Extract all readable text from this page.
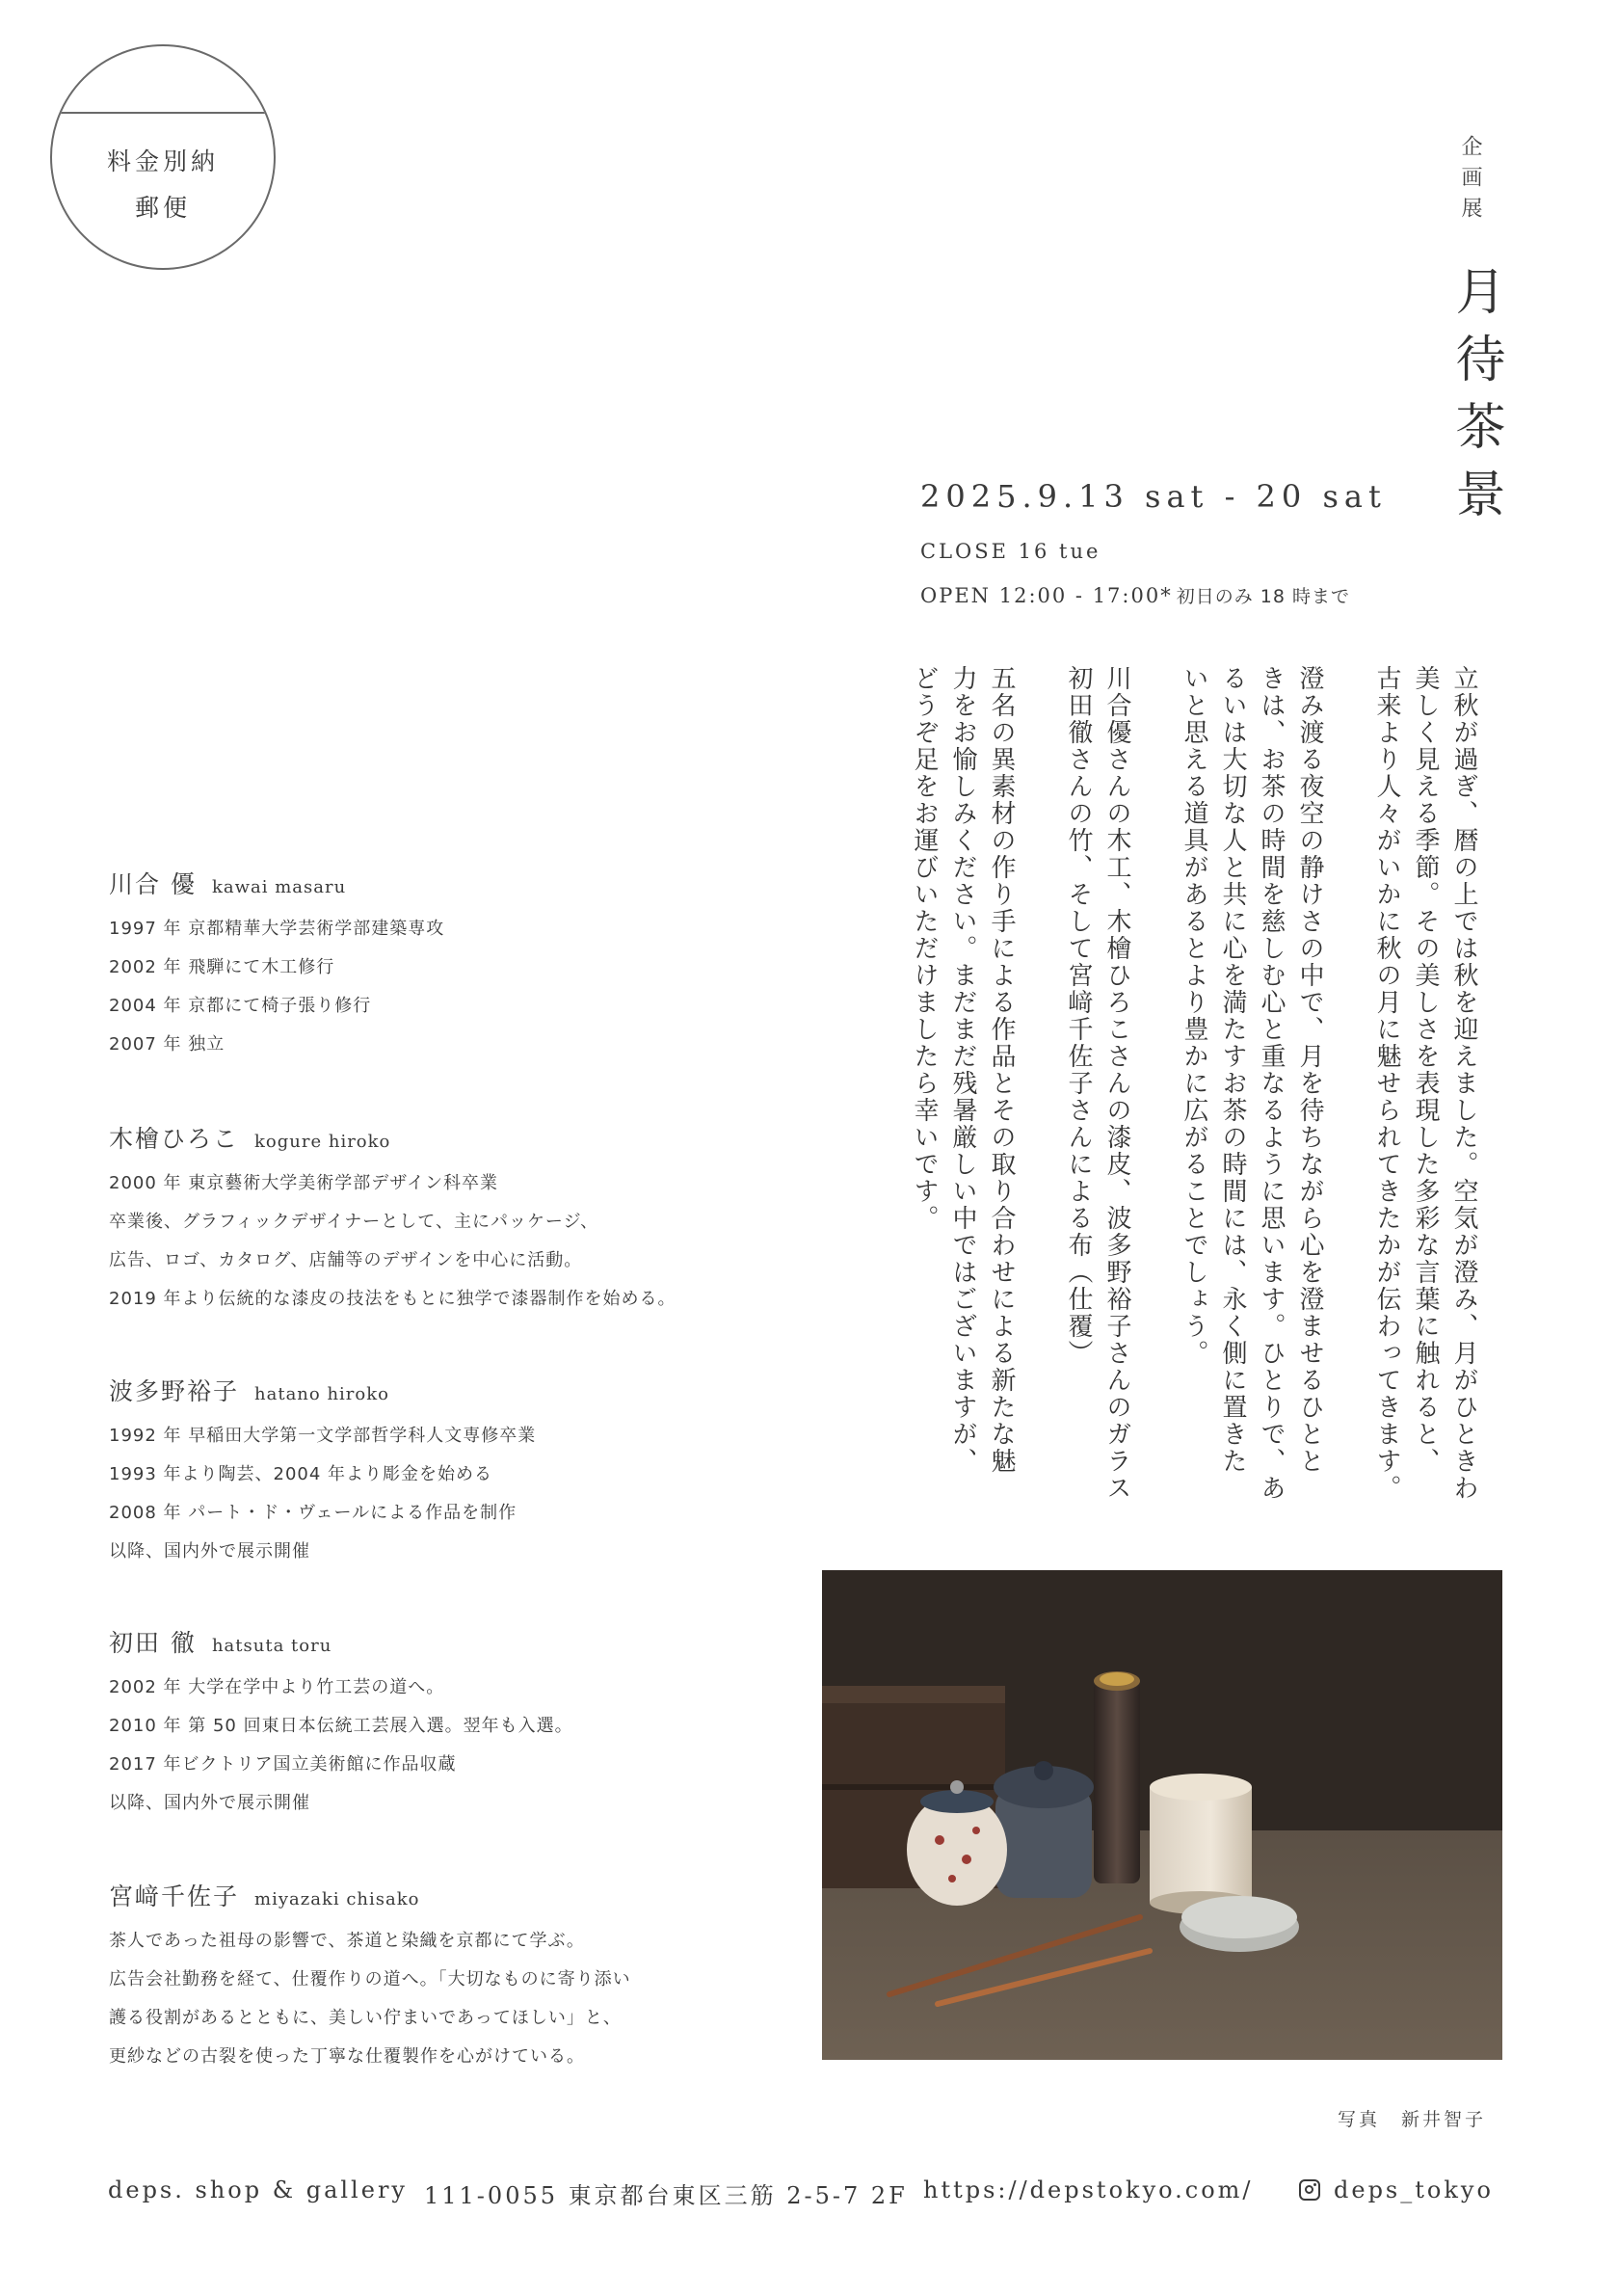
料金別納
郵便	企画展
月待茶景
2025.9.13 sat - 20 sat
CLOSE 16 tue
OPEN 12:00 - 17:00* 初日のみ 18 時まで
立秋が過ぎ、暦の上では秋を迎えました。空気が澄み、月がひときわ
美しく見える季節。その美しさを表現した多彩な言葉に触れると、
古来より人々がいかに秋の月に魅せられてきたかが伝わってきます。
澄み渡る夜空の静けさの中で、月を待ちながら心を澄ませるひとと
きは、お茶の時間を慈しむ心と重なるように思います。ひとりで、あ
るいは大切な人と共に心を満たすお茶の時間には、永く側に置きた
いと思える道具があるとより豊かに広がることでしょう。
川合優さんの木工、木檜ひろこさんの漆皮、波多野裕子さんのガラス
初田徹さんの竹、そして宮﨑千佐子さんによる布（仕覆）
五名の異素材の作り手による作品とその取り合わせによる新たな魅
力をお愉しみください。まだまだ残暑厳しい中ではございますが、
どうぞ足をお運びいただけましたら幸いです。
川合 優 kawai masaru
1997 年 京都精華大学芸術学部建築専攻
2002 年 飛騨にて木工修行
2004 年 京都にて椅子張り修行
2007 年 独立
木檜ひろこ kogure hiroko
2000 年 東京藝術大学美術学部デザイン科卒業
卒業後、グラフィックデザイナーとして、主にパッケージ、
広告、ロゴ、カタログ、店舗等のデザインを中心に活動。
2019 年より伝統的な漆皮の技法をもとに独学で漆器制作を始める。
波多野裕子 hatano hiroko
1992 年 早稲田大学第一文学部哲学科人文専修卒業
1993 年より陶芸、2004 年より彫金を始める
2008 年 パート・ド・ヴェールによる作品を制作
以降、国内外で展示開催
初田 徹 hatsuta toru
2002 年 大学在学中より竹工芸の道へ。
2010 年 第 50 回東日本伝統工芸展入選。翌年も入選。
2017 年ビクトリア国立美術館に作品収蔵
以降、国内外で展示開催
宮﨑千佐子 miyazaki chisako
茶人であった祖母の影響で、茶道と染織を京都にて学ぶ。
広告会社勤務を経て、仕覆作りの道へ。「大切なものに寄り添い
護る役割があるとともに、美しい佇まいであってほしい」と、
更紗などの古裂を使った丁寧な仕覆製作を心がけている。
写真　新井智子
deps. shop & gallery 111-0055 東京都台東区三筋 2-5-7 2F https://depstokyo.com/	deps_tokyo
